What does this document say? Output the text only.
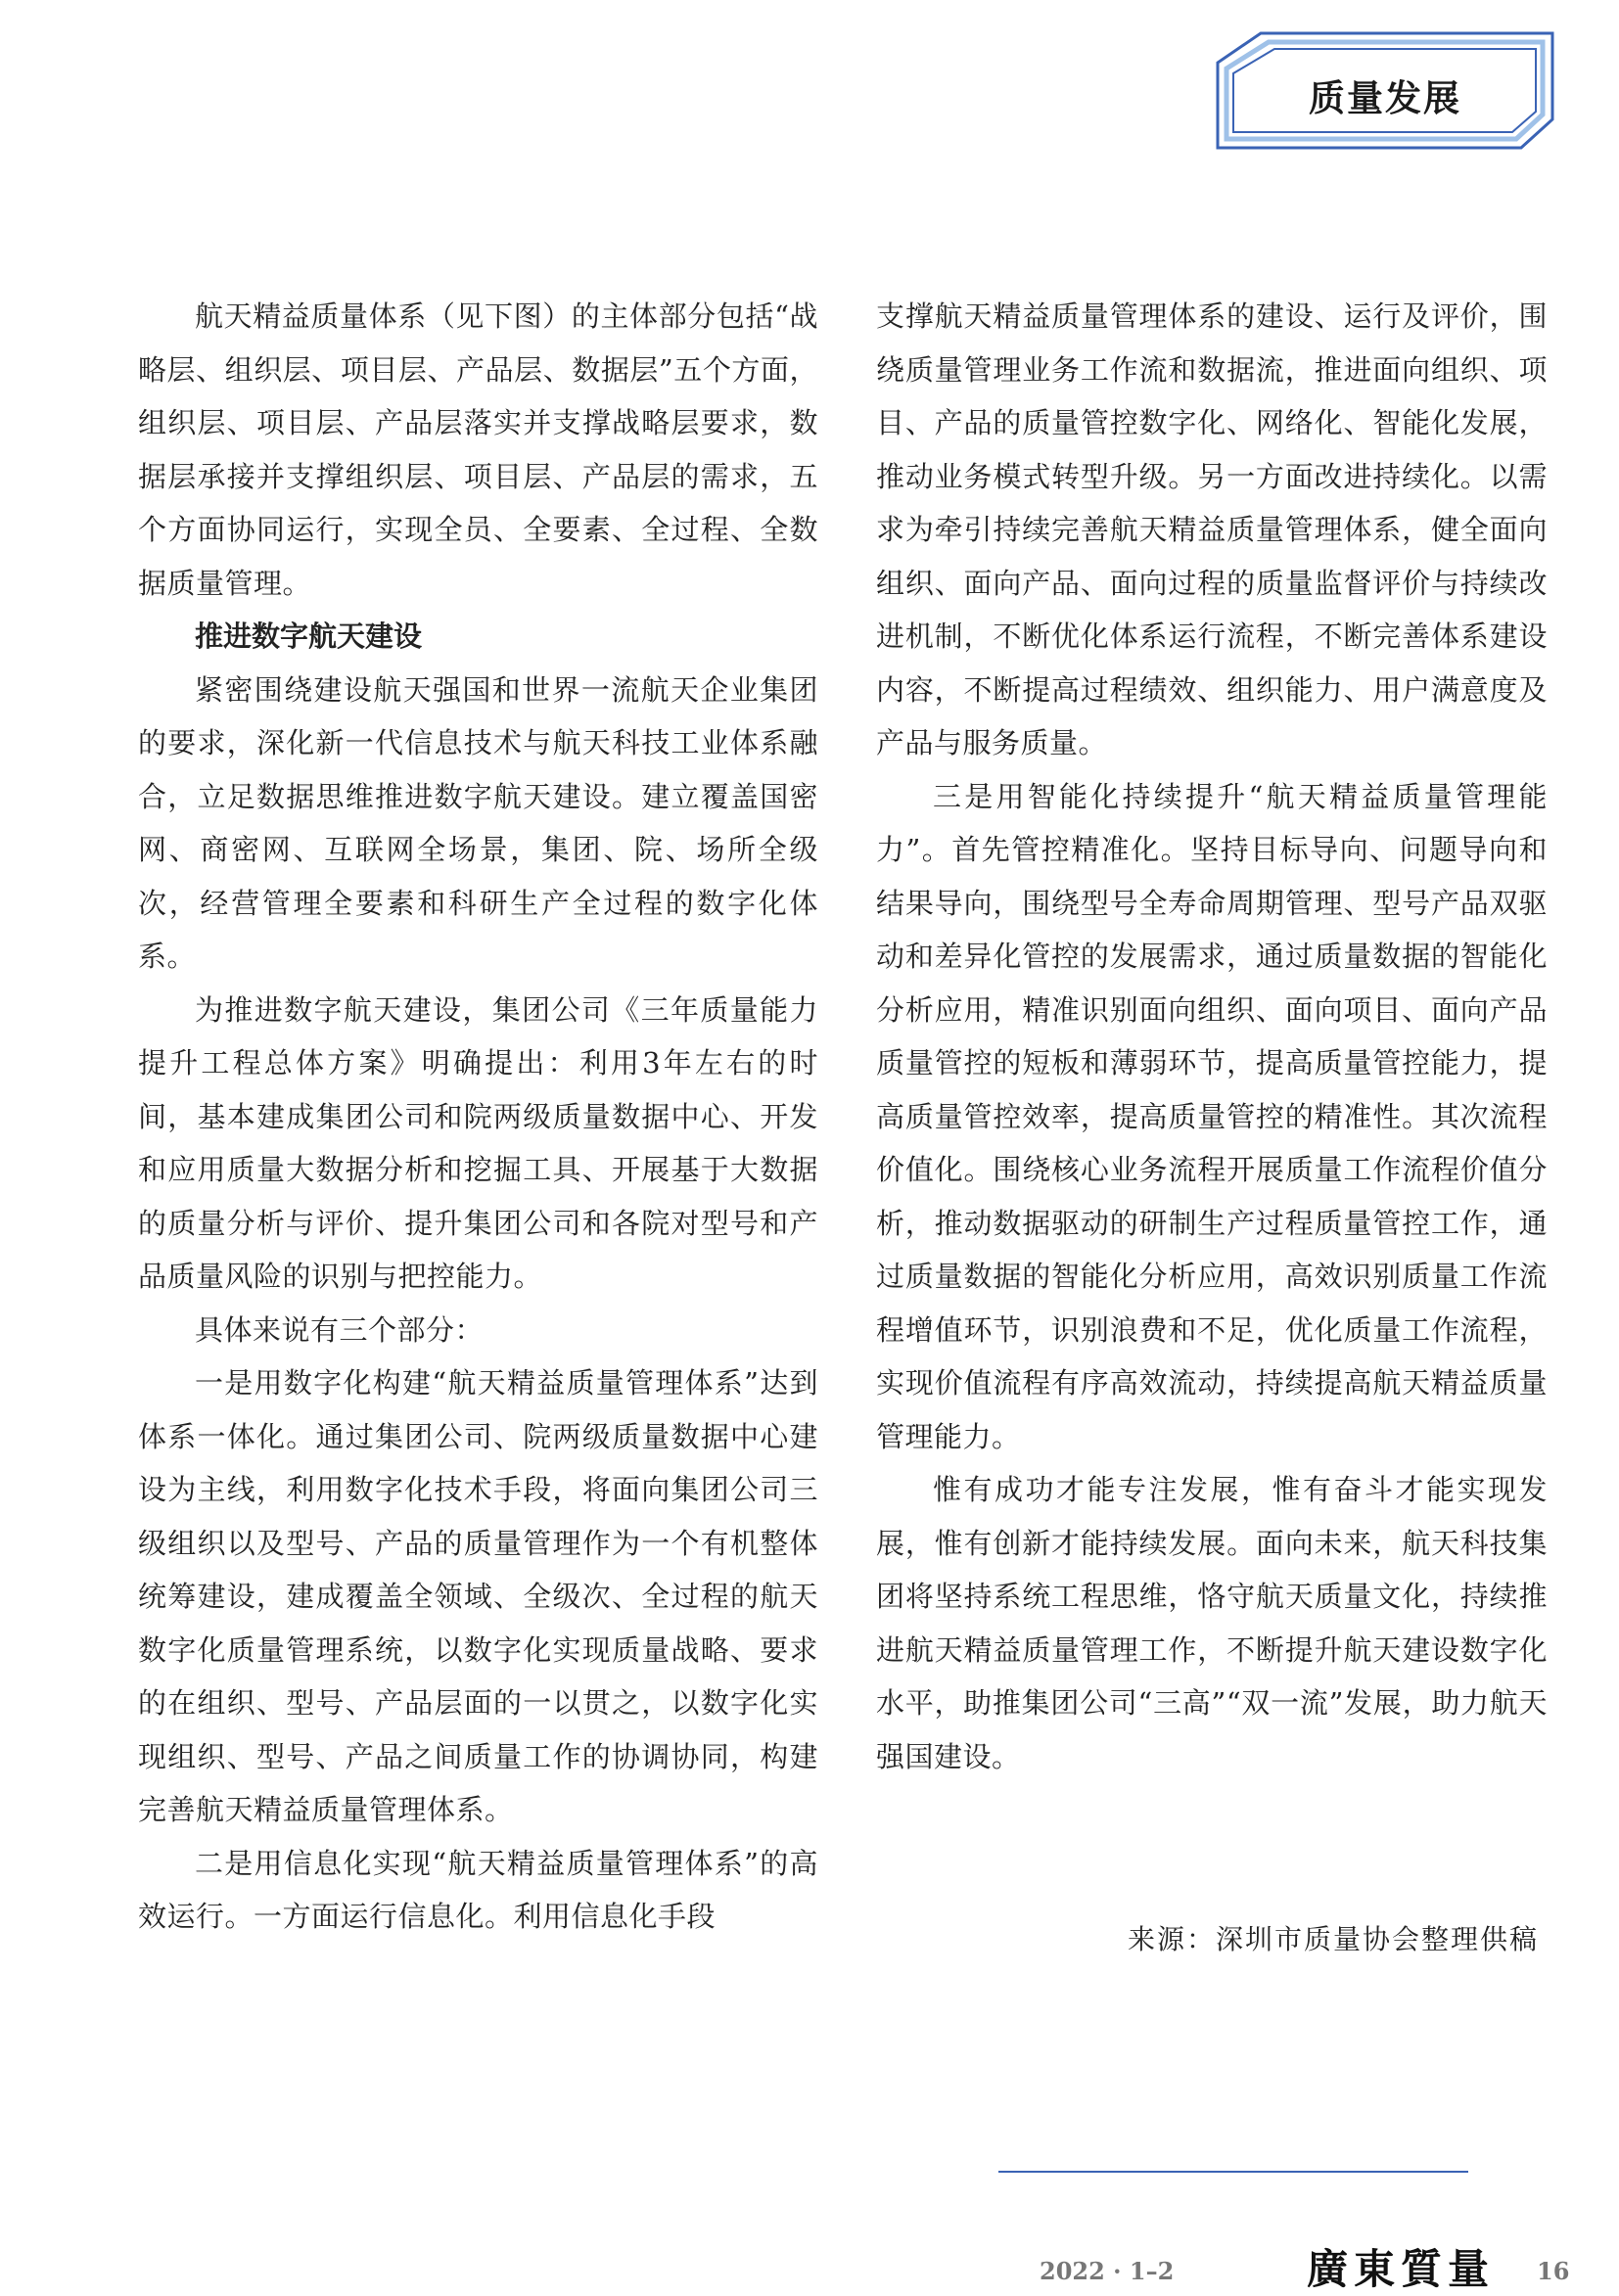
质量发展

航天精益质量体系（见下图）的主体部分包括“战略层、组织层、项目层、产品层、数据层”五个方面，组织层、项目层、产品层落实并支撑战略层要求，数据层承接并支撑组织层、项目层、产品层的需求，五个方面协同运行，实现全员、全要素、全过程、全数据质量管理。

推进数字航天建设

紧密围绕建设航天强国和世界一流航天企业集团的要求，深化新一代信息技术与航天科技工业体系融合，立足数据思维推进数字航天建设。建立覆盖国密网、商密网、互联网全场景，集团、院、场所全级次，经营管理全要素和科研生产全过程的数字化体系。

为推进数字航天建设，集团公司《三年质量能力提升工程总体方案》明确提出：利用3年左右的时间，基本建成集团公司和院两级质量数据中心、开发和应用质量大数据分析和挖掘工具、开展基于大数据的质量分析与评价、提升集团公司和各院对型号和产品质量风险的识别与把控能力。

具体来说有三个部分：

一是用数字化构建“航天精益质量管理体系”达到体系一体化。通过集团公司、院两级质量数据中心建设为主线，利用数字化技术手段，将面向集团公司三级组织以及型号、产品的质量管理作为一个有机整体统筹建设，建成覆盖全领域、全级次、全过程的航天数字化质量管理系统，以数字化实现质量战略、要求的在组织、型号、产品层面的一以贯之，以数字化实现组织、型号、产品之间质量工作的协调协同，构建完善航天精益质量管理体系。

二是用信息化实现“航天精益质量管理体系”的高效运行。一方面运行信息化。利用信息化手段

支撑航天精益质量管理体系的建设、运行及评价，围绕质量管理业务工作流和数据流，推进面向组织、项目、产品的质量管控数字化、网络化、智能化发展，推动业务模式转型升级。另一方面改进持续化。以需求为牵引持续完善航天精益质量管理体系，健全面向组织、面向产品、面向过程的质量监督评价与持续改进机制，不断优化体系运行流程，不断完善体系建设内容，不断提高过程绩效、组织能力、用户满意度及产品与服务质量。

三是用智能化持续提升“航天精益质量管理能力”。首先管控精准化。坚持目标导向、问题导向和结果导向，围绕型号全寿命周期管理、型号产品双驱动和差异化管控的发展需求，通过质量数据的智能化分析应用，精准识别面向组织、面向项目、面向产品质量管控的短板和薄弱环节，提高质量管控能力，提高质量管控效率，提高质量管控的精准性。其次流程价值化。围绕核心业务流程开展质量工作流程价值分析，推动数据驱动的研制生产过程质量管控工作，通过质量数据的智能化分析应用，高效识别质量工作流程增值环节，识别浪费和不足，优化质量工作流程，实现价值流程有序高效流动，持续提高航天精益质量管理能力。

惟有成功才能专注发展，惟有奋斗才能实现发展，惟有创新才能持续发展。面向未来，航天科技集团将坚持系统工程思维，恪守航天质量文化，持续推进航天精益质量管理工作，不断提升航天建设数字化水平，助推集团公司“三高”“双一流”发展，助力航天强国建设。

来源：深圳市质量协会整理供稿
2022 · 1–2	廣東質量 16
